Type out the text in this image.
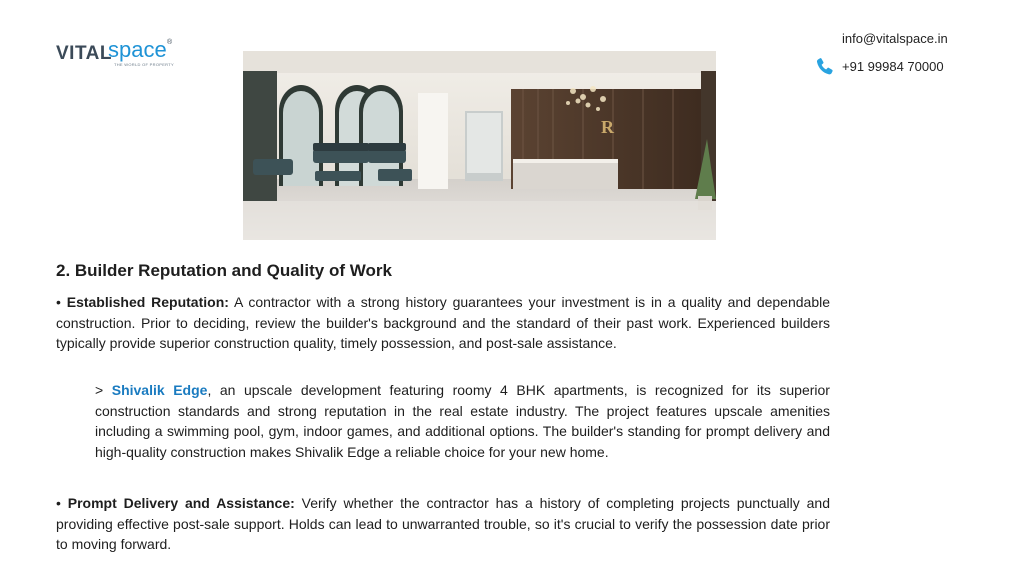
VITAL
space ®
THE WORLD OF PROPERTY
info@vitalspace.in
+91 99984 70000
R
2. Builder Reputation and Quality of Work
• Established Reputation: A contractor with a strong history guarantees your investment is in a quality and dependable construction. Prior to deciding, review the builder's background and the standard of their past work. Experienced builders typically provide superior construction quality, timely possession, and post-sale assistance.
> Shivalik Edge, an upscale development featuring roomy 4 BHK apartments, is recognized for its superior construction standards and strong reputation in the real estate industry. The project features upscale amenities including a swimming pool, gym, indoor games, and additional options. The builder's standing for prompt delivery and high-quality construction makes Shivalik Edge a reliable choice for your new home.
• Prompt Delivery and Assistance: Verify whether the contractor has a history of completing projects punctually and providing effective post-sale support. Holds can lead to unwarranted trouble, so it's crucial to verify the possession date prior to moving forward.
